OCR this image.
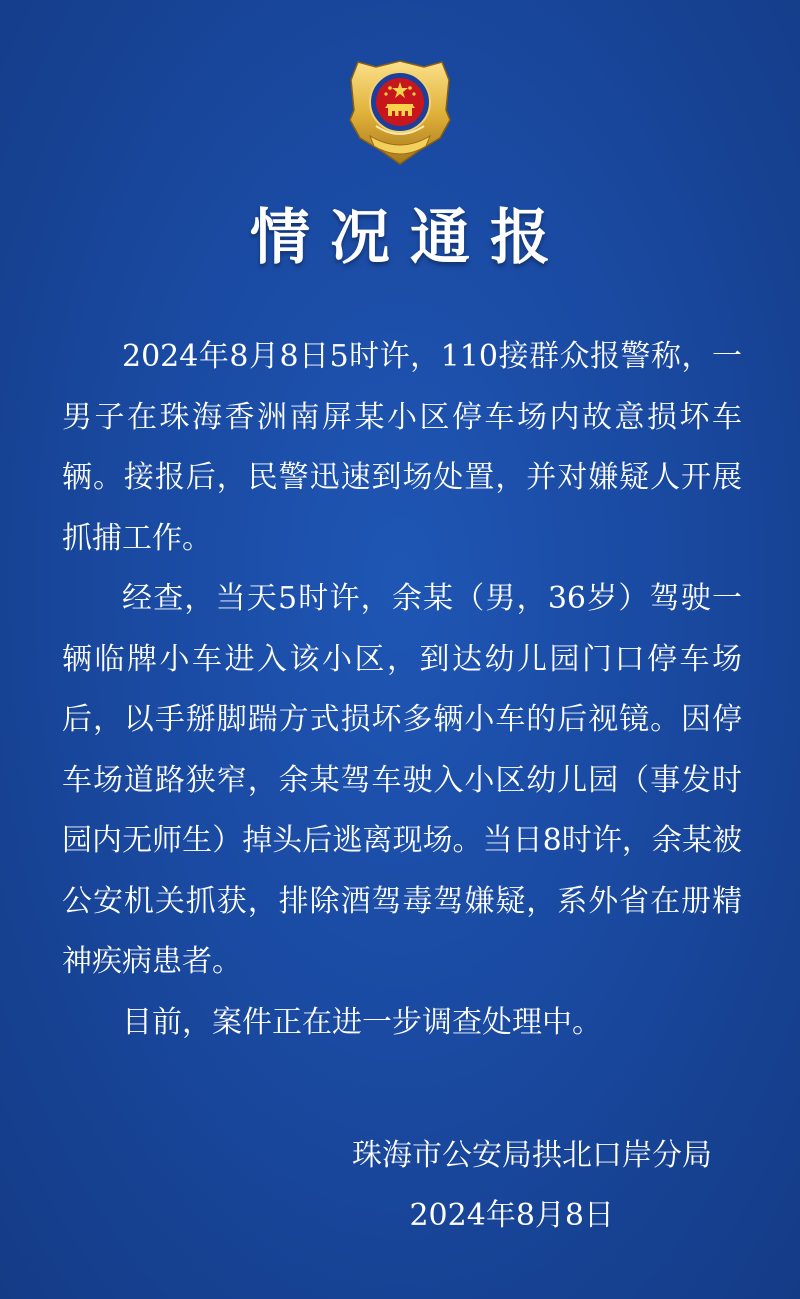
情况通报

2024年8月8日5时许，110接群众报警称，一男子在珠海香洲南屏某小区停车场内故意损坏车辆。接报后，民警迅速到场处置，并对嫌疑人开展抓捕工作。

经查，当天5时许，余某（男，36岁）驾驶一辆临牌小车进入该小区，到达幼儿园门口停车场后，以手掰脚踹方式损坏多辆小车的后视镜。因停车场道路狭窄，余某驾车驶入小区幼儿园（事发时园内无师生）掉头后逃离现场。当日8时许，余某被公安机关抓获，排除酒驾毒驾嫌疑，系外省在册精神疾病患者。

目前，案件正在进一步调查处理中。

珠海市公安局拱北口岸分局
2024年8月8日
